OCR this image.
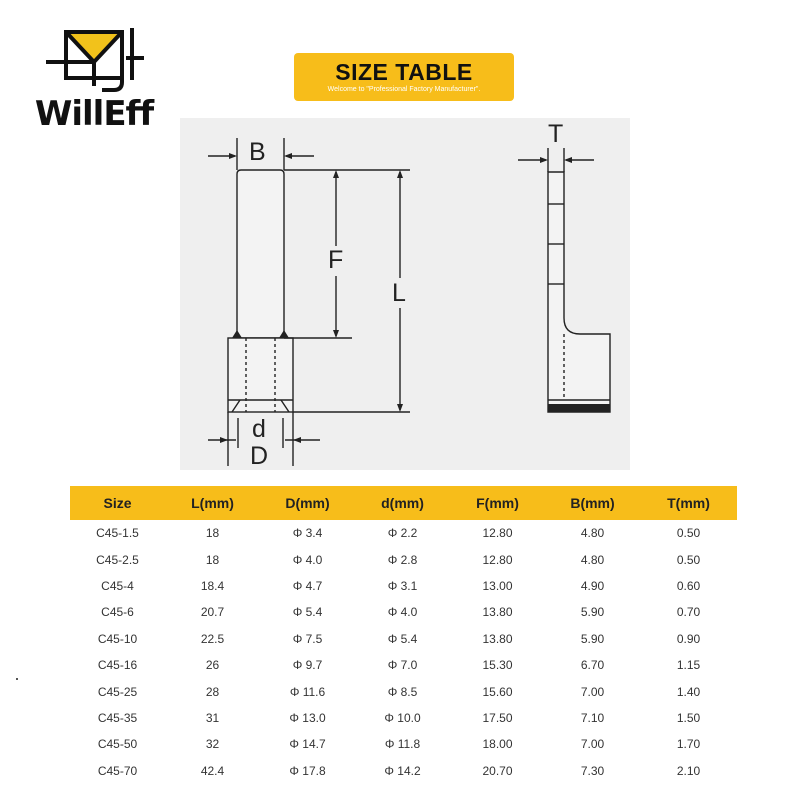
WillEff
SIZE TABLE
Welcome to "Professional Factory Manufacturer".
B
F
L
d
D
T
Size	L(mm)	D(mm)	d(mm)	F(mm)	B(mm)	T(mm)
C45-1.5	18	Φ 3.4	Φ 2.2	12.80	4.80	0.50
C45-2.5	18	Φ 4.0	Φ 2.8	12.80	4.80	0.50
C45-4	18.4	Φ 4.7	Φ 3.1	13.00	4.90	0.60
C45-6	20.7	Φ 5.4	Φ 4.0	13.80	5.90	0.70
C45-10	22.5	Φ 7.5	Φ 5.4	13.80	5.90	0.90
C45-16	26	Φ 9.7	Φ 7.0	15.30	6.70	1.15
C45-25	28	Φ 11.6	Φ 8.5	15.60	7.00	1.40
C45-35	31	Φ 13.0	Φ 10.0	17.50	7.10	1.50
C45-50	32	Φ 14.7	Φ 11.8	18.00	7.00	1.70
C45-70	42.4	Φ 17.8	Φ 14.2	20.70	7.30	2.10
